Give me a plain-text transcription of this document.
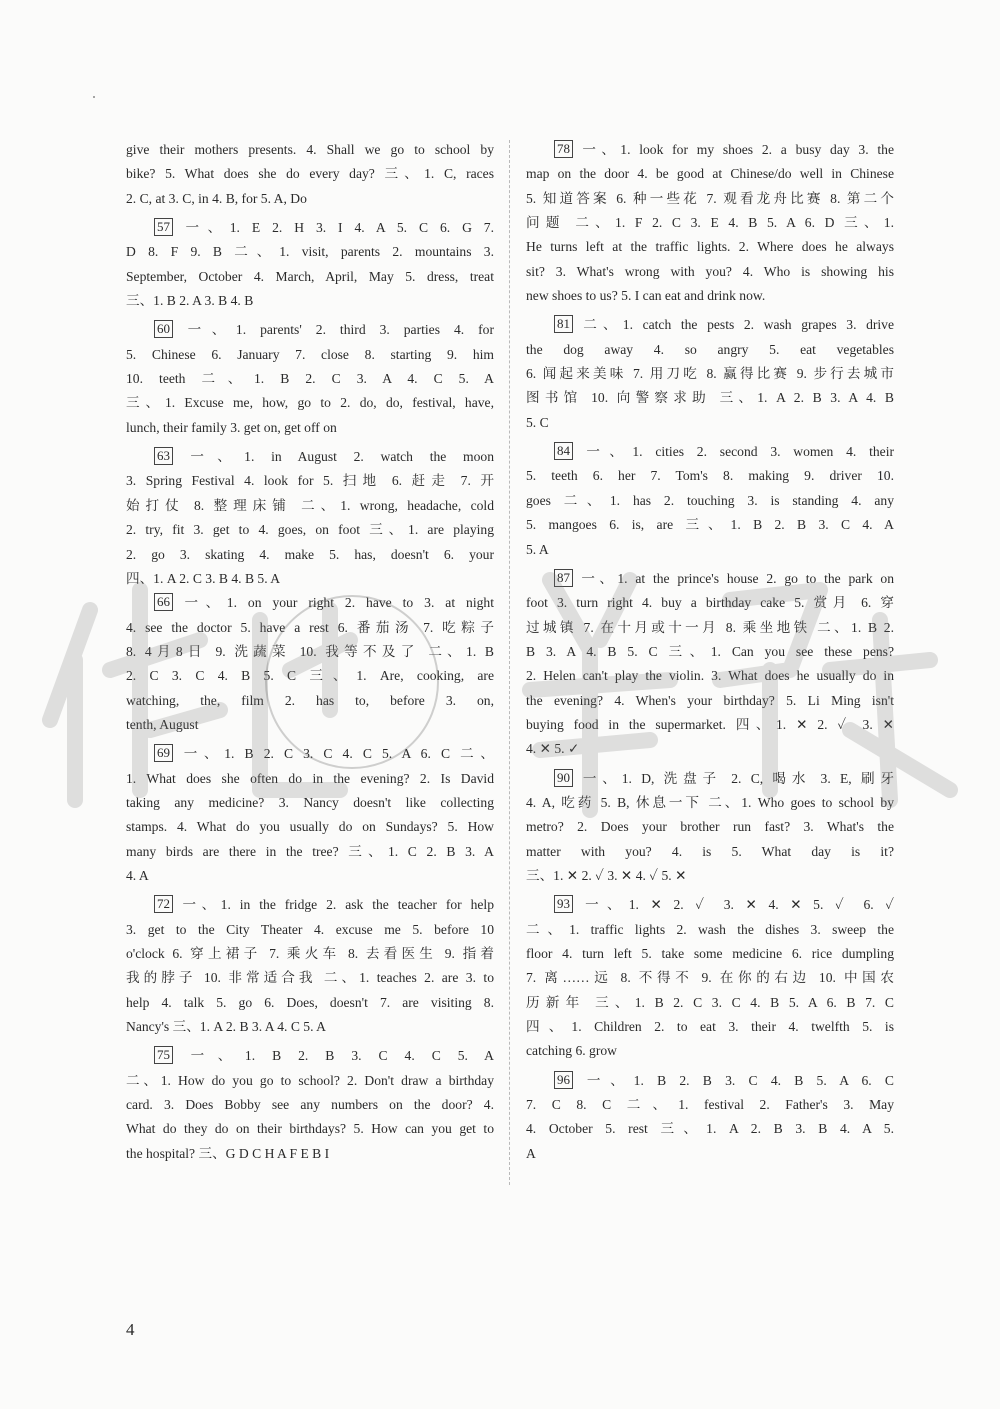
give their mothers presents. 4. Shall we go to school by
bike? 5. What does she do every day? 三、1. C, races
2. C, at 3. C, in 4. B, for 5. A, Do
57 一、1. E 2. H 3. I 4. A 5. C 6. G 7.
D 8. F 9. B 二、1. visit, parents 2. mountains 3.
September, October 4. March, April, May 5. dress, treat
三、1. B 2. A 3. B 4. B
60 一、1. parents' 2. third 3. parties 4. for
5. Chinese 6. January 7. close 8. starting 9. him
10. teeth 二、1. B 2. C 3. A 4. C 5. A
三、1. Excuse me, how, go to 2. do, do, festival, have,
lunch, their family 3. get on, get off on
63 一、1. in August 2. watch the moon
3. Spring Festival 4. look for 5. 扫地 6. 赶走 7. 开
始打仗 8. 整理床铺 二、1. wrong, headache, cold
2. try, fit 3. get to 4. goes, on foot 三、1. are playing
2. go 3. skating 4. make 5. has, doesn't 6. your
四、1. A 2. C 3. B 4. B 5. A
66 一、1. on your right 2. have to 3. at night
4. see the doctor 5. have a rest 6. 番茄汤 7. 吃粽子
8. 4月8日 9. 洗蔬菜 10. 我等不及了 二、1. B
2. C 3. C 4. B 5. C 三、1. Are, cooking, are
watching, the, film 2. has to, before 3. on,
tenth, August
69 一、1. B 2. C 3. C 4. C 5. A 6. C 二、
1. What does she often do in the evening? 2. Is David
taking any medicine? 3. Nancy doesn't like collecting
stamps. 4. What do you usually do on Sundays? 5. How
many birds are there in the tree? 三、1. C 2. B 3. A
4. A
72 一、1. in the fridge 2. ask the teacher for help
3. get to the City Theater 4. excuse me 5. before 10
o'clock 6. 穿上裙子 7. 乘火车 8. 去看医生 9. 指着
我的脖子 10. 非常适合我 二、1. teaches 2. are 3. to
help 4. talk 5. go 6. Does, doesn't 7. are visiting 8.
Nancy's 三、1. A 2. B 3. A 4. C 5. A
75 一、1. B 2. B 3. C 4. C 5. A
二、1. How do you go to school? 2. Don't draw a birthday
card. 3. Does Bobby see any numbers on the door? 4.
What do they do on their birthdays? 5. How can you get to
the hospital? 三、G D C H A F E B I
78 一、1. look for my shoes 2. a busy day 3. the
map on the door 4. be good at Chinese/do well in Chinese
5. 知道答案 6. 种一些花 7. 观看龙舟比赛 8. 第二个
问题 二、1. F 2. C 3. E 4. B 5. A 6. D 三、1.
He turns left at the traffic lights. 2. Where does he always
sit? 3. What's wrong with you? 4. Who is showing his
new shoes to us? 5. I can eat and drink now.
81 二、1. catch the pests 2. wash grapes 3. drive
the dog away 4. so angry 5. eat vegetables
6. 闻起来美味 7. 用刀吃 8. 赢得比赛 9. 步行去城市
图书馆 10. 向警察求助 三、1. A 2. B 3. A 4. B
5. C
84 一、1. cities 2. second 3. women 4. their
5. teeth 6. her 7. Tom's 8. making 9. driver 10.
goes 二、1. has 2. touching 3. is standing 4. any
5. mangoes 6. is, are 三、1. B 2. B 3. C 4. A
5. A
87 一、1. at the prince's house 2. go to the park on
foot 3. turn right 4. buy a birthday cake 5. 赏月 6. 穿
过城镇 7. 在十月或十一月 8. 乘坐地铁 二、1. B 2.
B 3. A 4. B 5. C 三、1. Can you see these pens?
2. Helen can't play the violin. 3. What does he usually do in
the evening? 4. When's your birthday? 5. Li Ming isn't
buying food in the supermarket. 四、1. ✕ 2. ✓ 3. ✕
4. ✕ 5. ✓
90 一、1. D, 洗盘子 2. C, 喝水 3. E, 刷牙
4. A, 吃药 5. B, 休息一下 二、1. Who goes to school by
metro? 2. Does your brother run fast? 3. What's the
matter with you? 4. is 5. What day is it?
三、1. ✕ 2. ✓ 3. ✕ 4. ✓ 5. ✕
93 一、1. ✕ 2. ✓ 3. ✕ 4. ✕ 5. ✓ 6. ✓
二、1. traffic lights 2. wash the dishes 3. sweep the
floor 4. turn left 5. take some medicine 6. rice dumpling
7. 离……远 8. 不得不 9. 在你的右边 10. 中国农
历新年 三、1. B 2. C 3. C 4. B 5. A 6. B 7. C
四、1. Children 2. to eat 3. their 4. twelfth 5. is
catching 6. grow
96 一、1. B 2. B 3. C 4. B 5. A 6. C
7. C 8. C 二、1. festival 2. Father's 3. May
4. October 5. rest 三、1. A 2. B 3. B 4. A 5.
A
4
